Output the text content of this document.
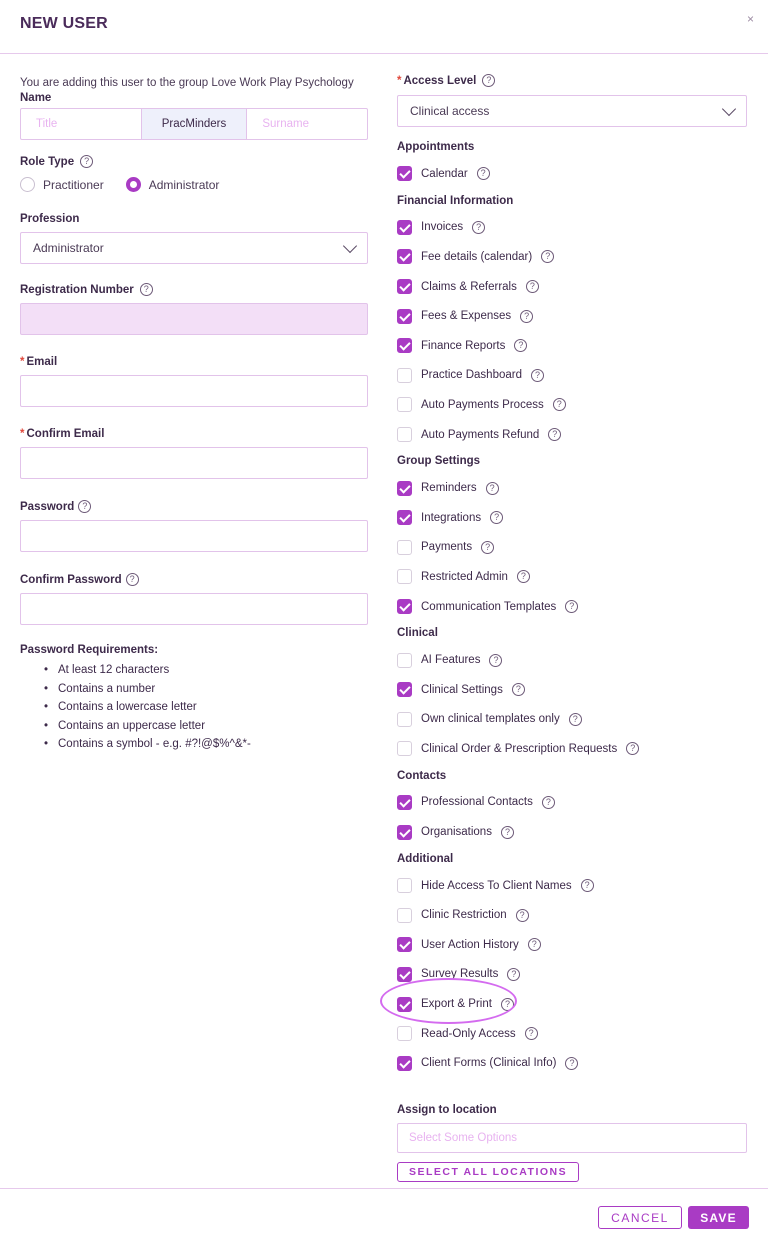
NEW USER	×
You are adding this user to the group Love Work Play Psychology
Name
Title	PracMinders	Surname
Role Type	?
Practitioner	Administrator
Profession
Administrator
Registration Number	?
* Email
* Confirm Email
Password ?
Confirm Password ?
Password Requirements:
• At least 12 characters
• Contains a number
• Contains a lowercase letter
• Contains an uppercase letter
• Contains a symbol - e.g. #?!@$%^&*-
* Access Level	?
Clinical access
Appointments
Calendar	?
Financial Information
Invoices	?
Fee details (calendar)	?
Claims & Referrals	?
Fees & Expenses	?
Finance Reports	?
Practice Dashboard	?
Auto Payments Process	?
Auto Payments Refund	?
Group Settings
Reminders	?
Integrations	?
Payments	?
Restricted Admin	?
Communication Templates	?
Clinical
AI Features	?
Clinical Settings	?
Own clinical templates only	?
Clinical Order & Prescription Requests	?
Contacts
Professional Contacts	?
Organisations	?
Additional
Hide Access To Client Names	?
Clinic Restriction	?
User Action History	?
Survey Results	?
Export & Print	?
Read-Only Access	?
Client Forms (Clinical Info)	?
Assign to location
Select Some Options
SELECT ALL LOCATIONS
CANCEL	SAVE
